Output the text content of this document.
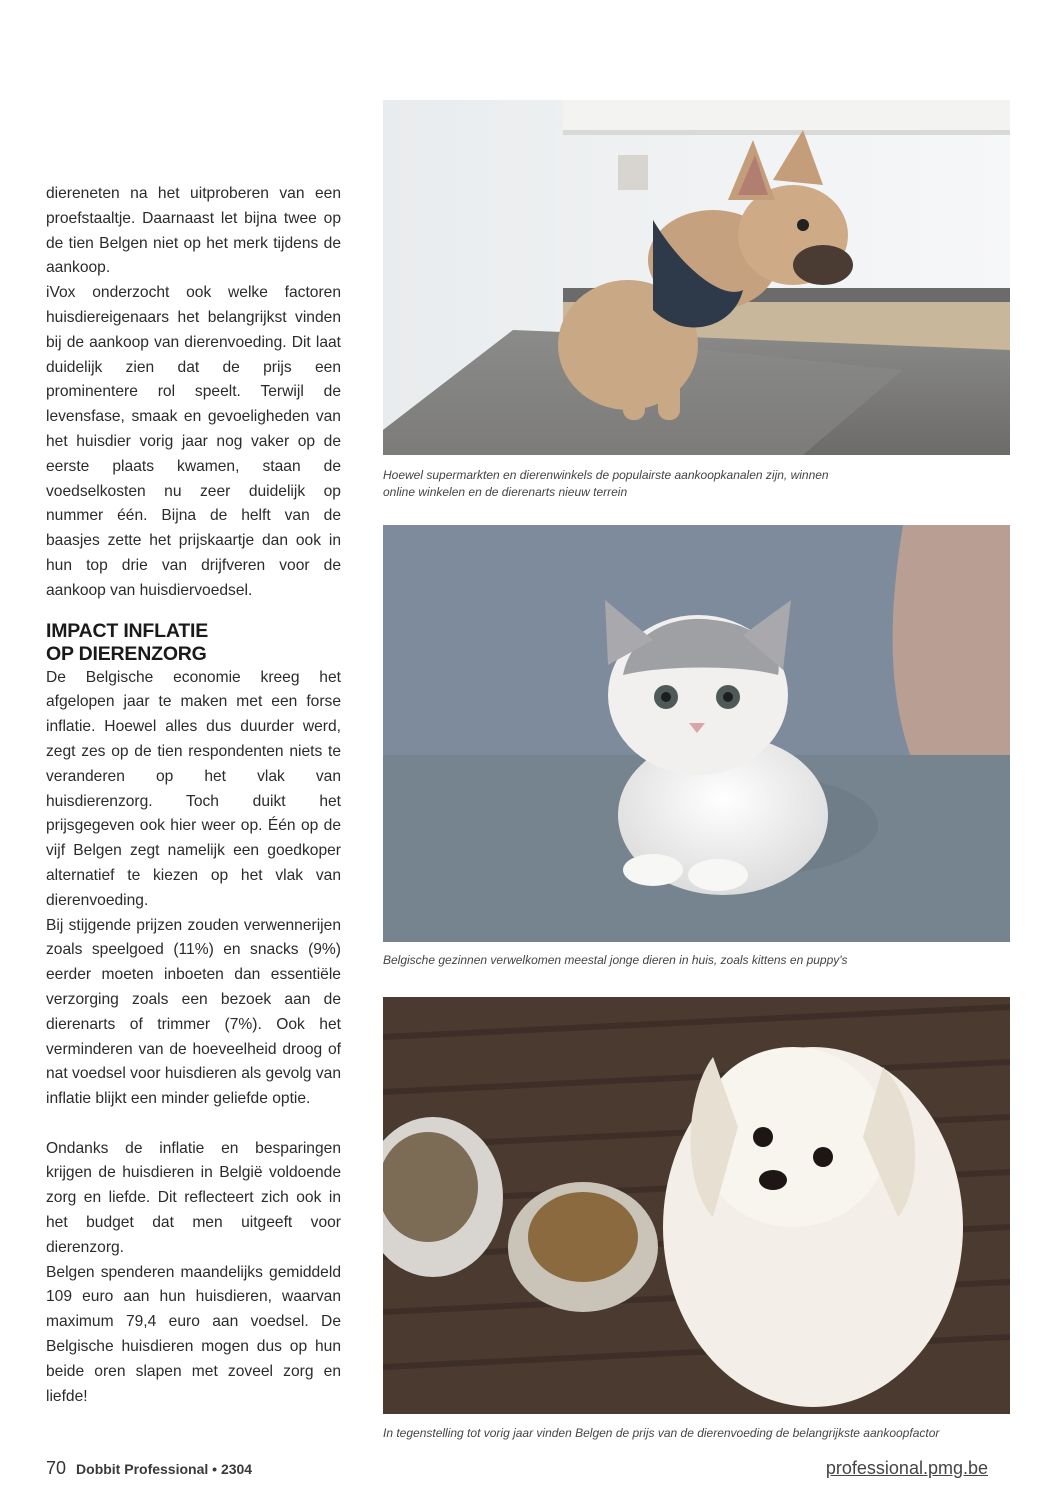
diereneten na het uitproberen van een proefstaaltje. Daarnaast let bijna twee op de tien Belgen niet op het merk tijdens de aankoop.

iVox onderzocht ook welke factoren huisdiereigenaars het belangrijkst vinden bij de aankoop van dierenvoeding. Dit laat duidelijk zien dat de prijs een prominentere rol speelt. Terwijl de levensfase, smaak en gevoeligheden van het huisdier vorig jaar nog vaker op de eerste plaats kwamen, staan de voedselkosten nu zeer duidelijk op nummer één. Bijna de helft van de baasjes zette het prijskaartje dan ook in hun top drie van drijfveren voor de aankoop van huisdiervoedsel.

IMPACT INFLATIE
OP DIERENZORG

De Belgische economie kreeg het afgelopen jaar te maken met een forse inflatie. Hoewel alles dus duurder werd, zegt zes op de tien respondenten niets te veranderen op het vlak van huisdierenzorg. Toch duikt het prijsgegeven ook hier weer op. Één op de vijf Belgen zegt namelijk een goedkoper alternatief te kiezen op het vlak van dierenvoeding.

Bij stijgende prijzen zouden verwennerijen zoals speelgoed (11%) en snacks (9%) eerder moeten inboeten dan essentiële verzorging zoals een bezoek aan de dierenarts of trimmer (7%). Ook het verminderen van de hoeveelheid droog of nat voedsel voor huisdieren als gevolg van inflatie blijkt een minder geliefde optie.

Ondanks de inflatie en besparingen krijgen de huisdieren in België voldoende zorg en liefde. Dit reflecteert zich ook in het budget dat men uitgeeft voor dierenzorg.

Belgen spenderen maandelijks gemiddeld 109 euro aan hun huisdieren, waarvan maximum 79,4 euro aan voedsel. De Belgische huisdieren mogen dus op hun beide oren slapen met zoveel zorg en liefde!

Hoewel supermarkten en dierenwinkels de populairste aankoopkanalen zijn, winnen online winkelen en de dierenarts nieuw terrein
Belgische gezinnen verwelkomen meestal jonge dieren in huis, zoals kittens en puppy's
In tegenstelling tot vorig jaar vinden Belgen de prijs van de dierenvoeding de belangrijkste aankoopfactor
70 Dobbit Professional • 2304	professional.pmg.be
